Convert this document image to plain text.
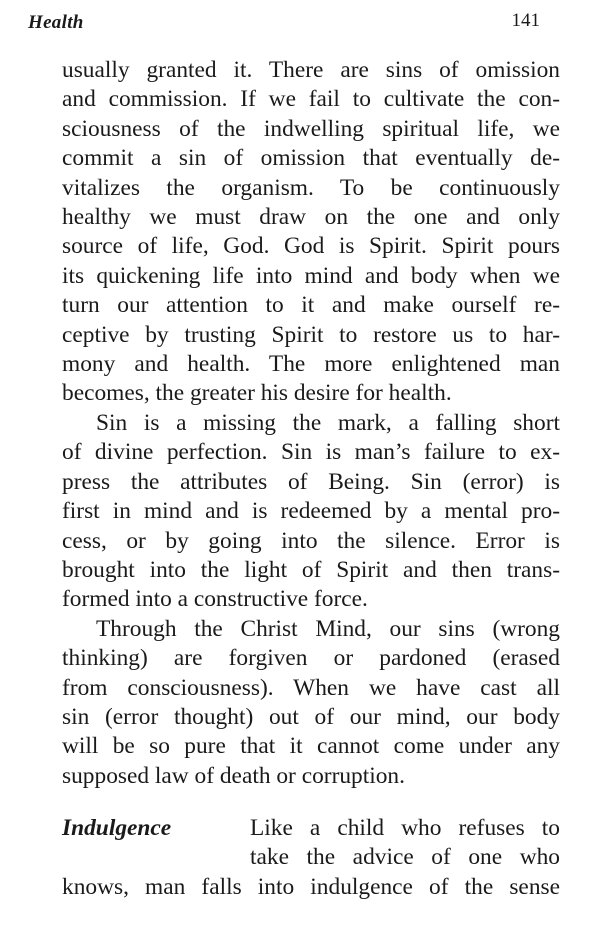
Health	141
usually granted it. There are sins of omission
and commission. If we fail to cultivate the con-
sciousness of the indwelling spiritual life, we
commit a sin of omission that eventually de-
vitalizes the organism. To be continuously
healthy we must draw on the one and only
source of life, God. God is Spirit. Spirit pours
its quickening life into mind and body when we
turn our attention to it and make ourself re-
ceptive by trusting Spirit to restore us to har-
mony and health. The more enlightened man
becomes, the greater his desire for health.
Sin is a missing the mark, a falling short
of divine perfection. Sin is man’s failure to ex-
press the attributes of Being. Sin (error) is
first in mind and is redeemed by a mental pro-
cess, or by going into the silence. Error is
brought into the light of Spirit and then trans-
formed into a constructive force.
Through the Christ Mind, our sins (wrong
thinking) are forgiven or pardoned (erased
from consciousness). When we have cast all
sin (error thought) out of our mind, our body
will be so pure that it cannot come under any
supposed law of death or corruption.
Indulgence	Like a child who refuses to
take the advice of one who
knows, man falls into indulgence of the sense
